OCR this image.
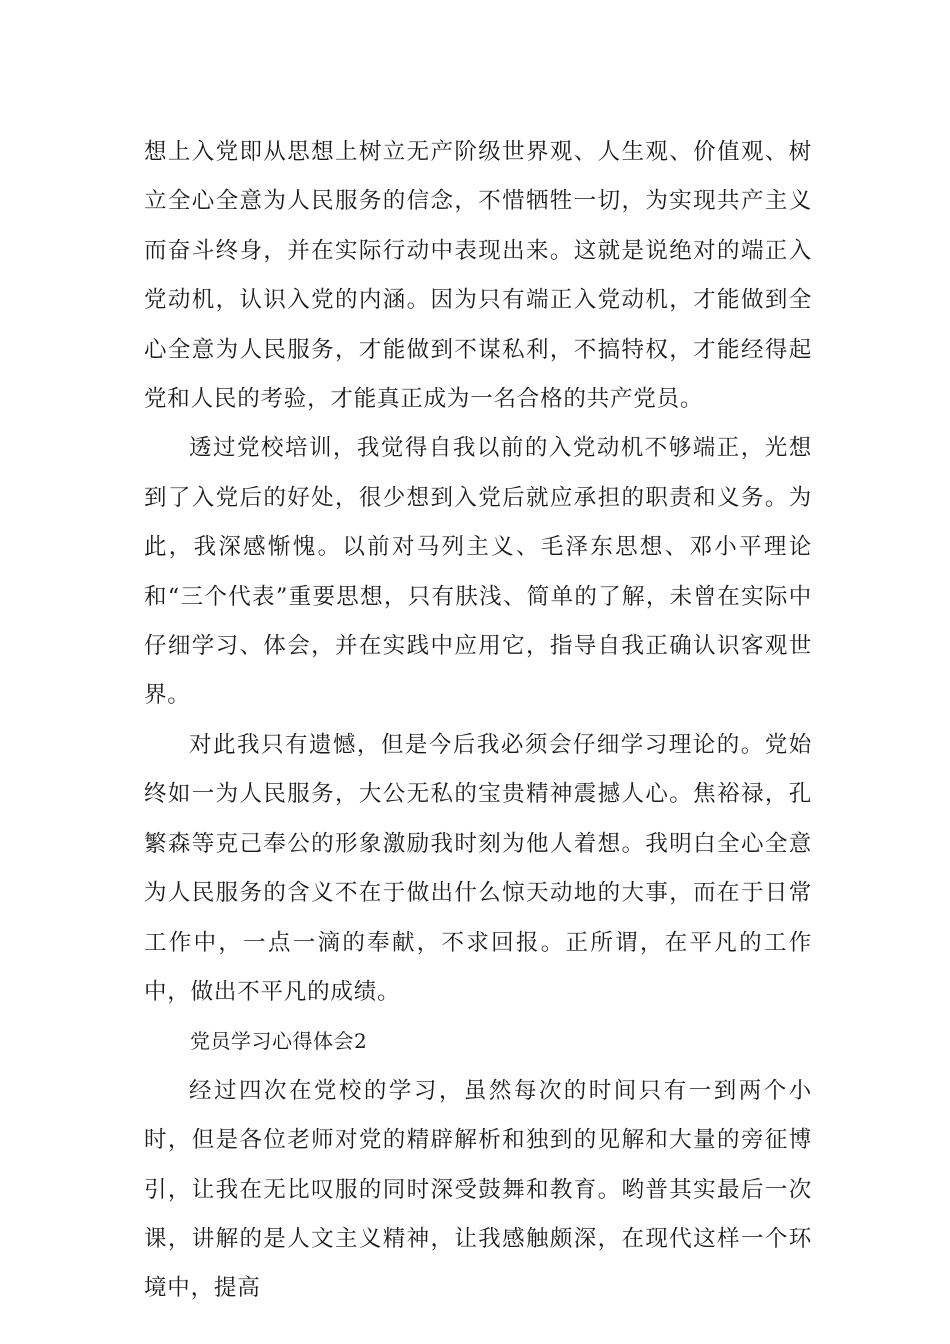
想上入党即从思想上树立无产阶级世界观、人生观、价值观、树立全心全意为人民服务的信念，不惜牺牲一切，为实现共产主义而奋斗终身，并在实际行动中表现出来。这就是说绝对的端正入党动机，认识入党的内涵。因为只有端正入党动机，才能做到全心全意为人民服务，才能做到不谋私利，不搞特权，才能经得起党和人民的考验，才能真正成为一名合格的共产党员。

透过党校培训，我觉得自我以前的入党动机不够端正，光想到了入党后的好处，很少想到入党后就应承担的职责和义务。为此，我深感惭愧。以前对马列主义、毛泽东思想、邓小平理论和“三个代表”重要思想，只有肤浅、简单的了解，未曾在实际中仔细学习、体会，并在实践中应用它，指导自我正确认识客观世界。

对此我只有遗憾，但是今后我必须会仔细学习理论的。党始终如一为人民服务，大公无私的宝贵精神震撼人心。焦裕禄，孔繁森等克己奉公的形象激励我时刻为他人着想。我明白全心全意为人民服务的含义不在于做出什么惊天动地的大事，而在于日常工作中，一点一滴的奉献，不求回报。正所谓，在平凡的工作中，做出不平凡的成绩。

党员学习心得体会2

经过四次在党校的学习，虽然每次的时间只有一到两个小时，但是各位老师对党的精辟解析和独到的见解和大量的旁征博引，让我在无比叹服的同时深受鼓舞和教育。哟普其实最后一次课，讲解的是人文主义精神，让我感触颇深，在现代这样一个环境中，提高
